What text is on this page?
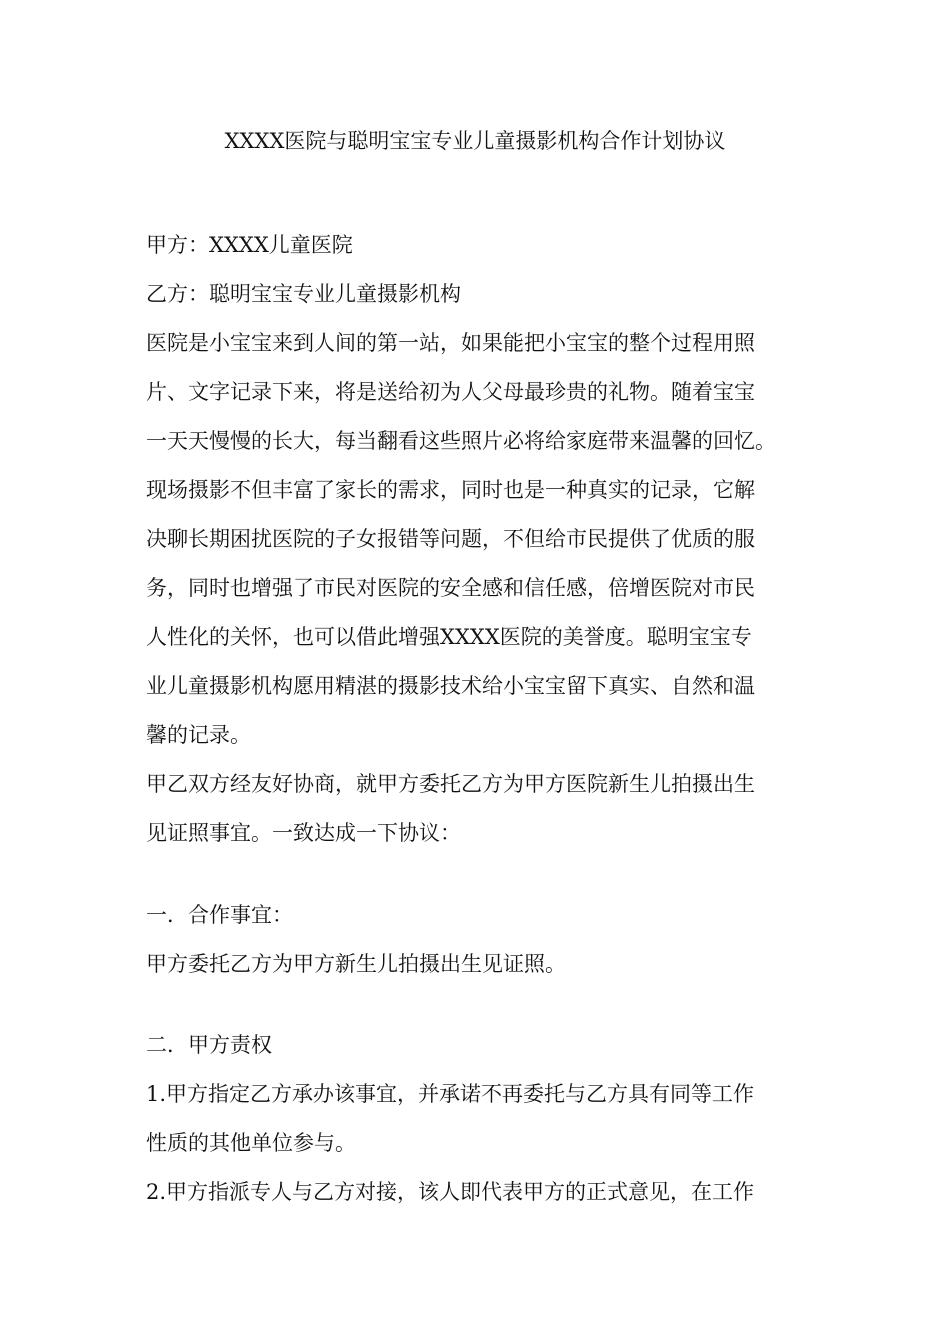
XXXX医院与聪明宝宝专业儿童摄影机构合作计划协议
甲方：XXXX儿童医院
乙方：聪明宝宝专业儿童摄影机构
医院是小宝宝来到人间的第一站，如果能把小宝宝的整个过程用照
片、文字记录下来，将是送给初为人父母最珍贵的礼物。随着宝宝
一天天慢慢的长大，每当翻看这些照片必将给家庭带来温馨的回忆。
现场摄影不但丰富了家长的需求，同时也是一种真实的记录，它解
决聊长期困扰医院的子女报错等问题，不但给市民提供了优质的服
务，同时也增强了市民对医院的安全感和信任感，倍增医院对市民
人性化的关怀，也可以借此增强XXXX医院的美誉度。聪明宝宝专
业儿童摄影机构愿用精湛的摄影技术给小宝宝留下真实、自然和温
馨的记录。
甲乙双方经友好协商，就甲方委托乙方为甲方医院新生儿拍摄出生
见证照事宜。一致达成一下协议：
一．合作事宜：
甲方委托乙方为甲方新生儿拍摄出生见证照。
二．甲方责权
1.甲方指定乙方承办该事宜，并承诺不再委托与乙方具有同等工作
性质的其他单位参与。
2.甲方指派专人与乙方对接，该人即代表甲方的正式意见，在工作
